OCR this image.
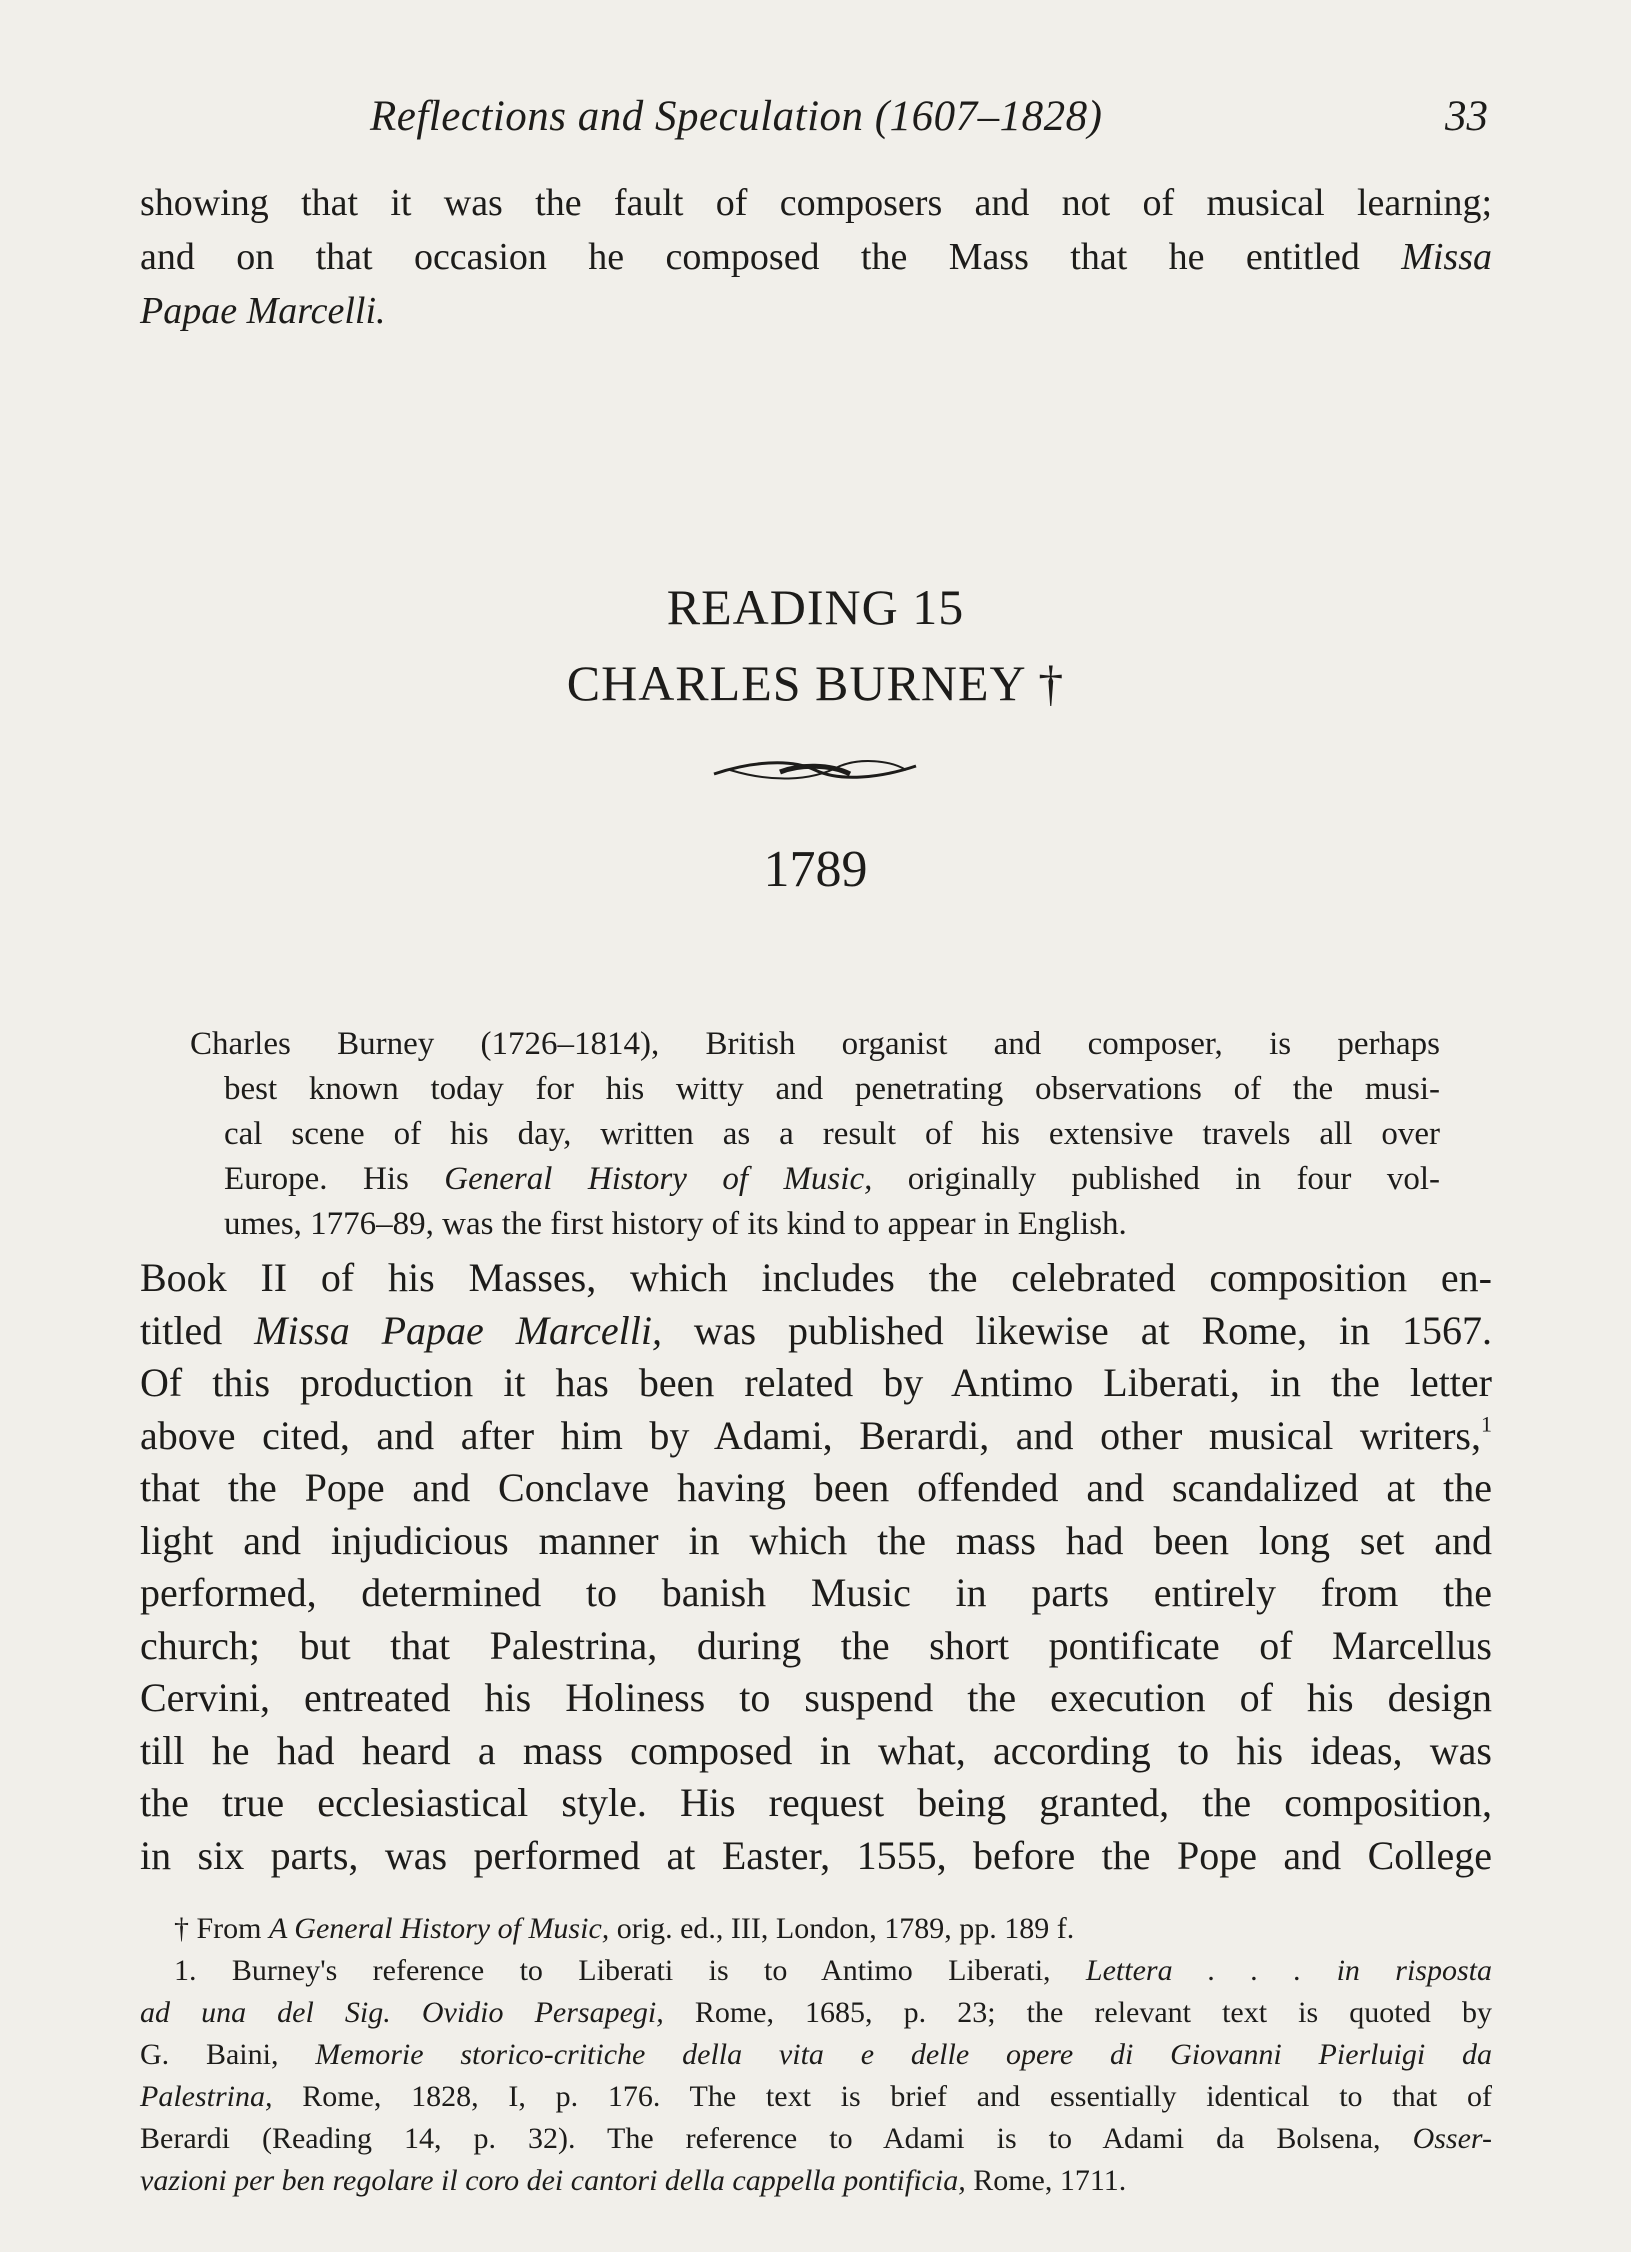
Reflections and Speculation (1607–1828)	33
showing that it was the fault of composers and not of musical learning;
and on that occasion he composed the Mass that he entitled Missa
Papae Marcelli.
READING 15
CHARLES BURNEY †
1789
Charles Burney (1726–1814), British organist and composer, is perhaps
best known today for his witty and penetrating observations of the musi-
cal scene of his day, written as a result of his extensive travels all over
Europe. His General History of Music, originally published in four vol-
umes, 1776–89, was the first history of its kind to appear in English.
Book II of his Masses, which includes the celebrated composition en-
titled Missa Papae Marcelli, was published likewise at Rome, in 1567.
Of this production it has been related by Antimo Liberati, in the letter
above cited, and after him by Adami, Berardi, and other musical writers,$^1$
that the Pope and Conclave having been offended and scandalized at the
light and injudicious manner in which the mass had been long set and
performed, determined to banish Music in parts entirely from the
church; but that Palestrina, during the short pontificate of Marcellus
Cervini, entreated his Holiness to suspend the execution of his design
till he had heard a mass composed in what, according to his ideas, was
the true ecclesiastical style. His request being granted, the composition,
in six parts, was performed at Easter, 1555, before the Pope and College
† From A General History of Music, orig. ed., III, London, 1789, pp. 189 f.
1. Burney's reference to Liberati is to Antimo Liberati, Lettera . . . in risposta
ad una del Sig. Ovidio Persapegi, Rome, 1685, p. 23; the relevant text is quoted by
G. Baini, Memorie storico-critiche della vita e delle opere di Giovanni Pierluigi da
Palestrina, Rome, 1828, I, p. 176. The text is brief and essentially identical to that of
Berardi (Reading 14, p. 32). The reference to Adami is to Adami da Bolsena, Osser-
vazioni per ben regolare il coro dei cantori della cappella pontificia, Rome, 1711.
